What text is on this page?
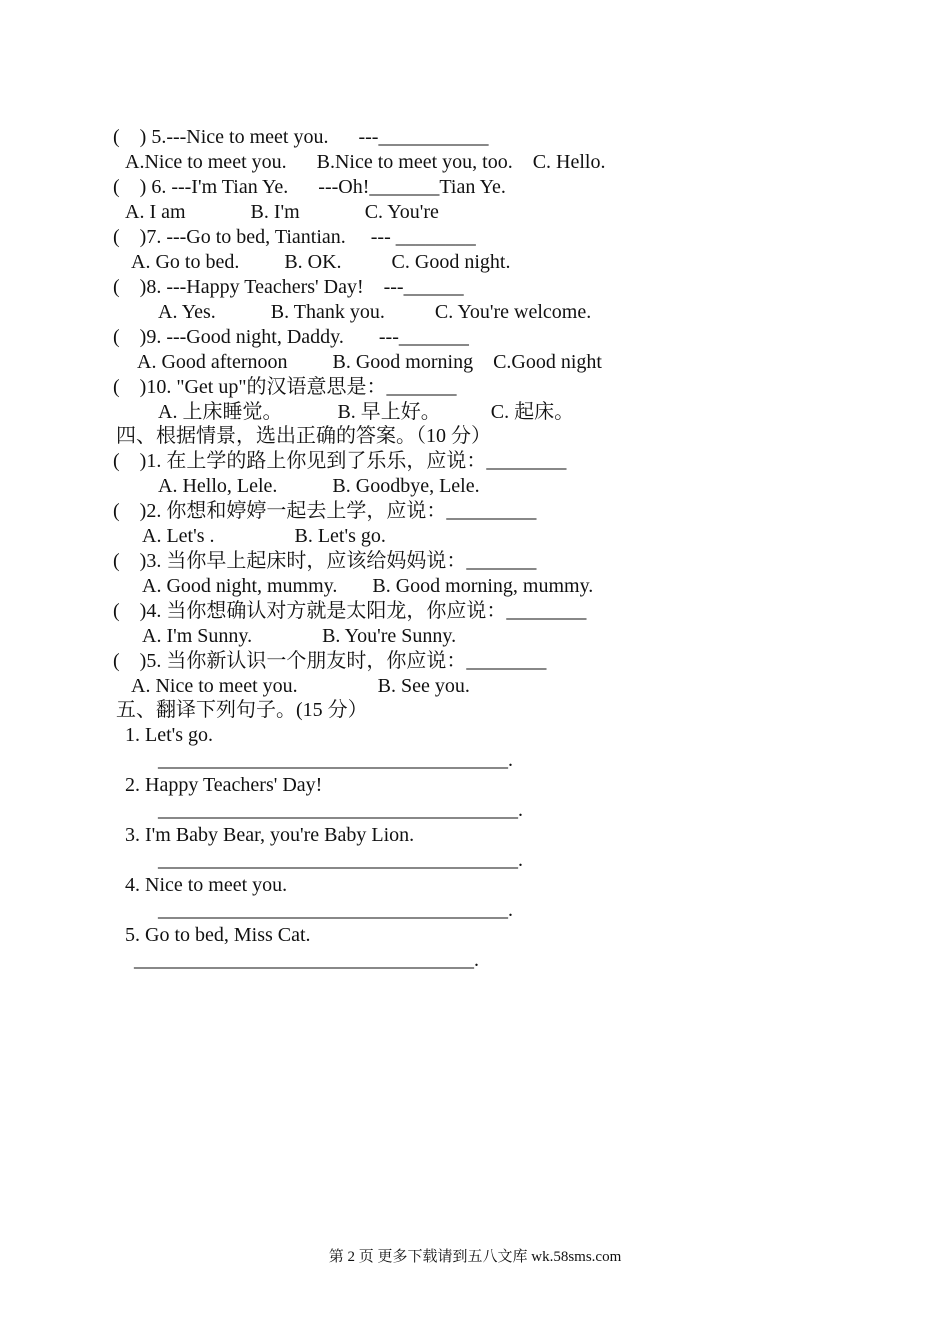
(    ) 5.---Nice to meet you.      ---___________
A.Nice to meet you.      B.Nice to meet you, too.    C. Hello.
(    ) 6. ---I'm Tian Ye.      ---Oh!_______Tian Ye.
A. I am             B. I'm             C. You're
(    )7. ---Go to bed, Tiantian.     --- ________
A. Go to bed.         B. OK.          C. Good night.
(    )8. ---Happy Teachers' Day!    ---______
A. Yes.           B. Thank you.          C. You're welcome.
(    )9. ---Good night, Daddy.       ---_______
A. Good afternoon         B. Good morning    C.Good night
(    )10. "Get up"的汉语意思是：_______
A. 上床睡觉。           B. 早上好。          C. 起床。
四、根据情景，选出正确的答案。（10 分）
(    )1. 在上学的路上你见到了乐乐，应说：________
A. Hello, Lele.           B. Goodbye, Lele.
(    )2. 你想和婷婷一起去上学，应说：_________
A. Let's .                B. Let's go.
(    )3. 当你早上起床时，应该给妈妈说：_______
A. Good night, mummy.       B. Good morning, mummy.
(    )4. 当你想确认对方就是太阳龙，你应说：________
A. I'm Sunny.              B. You're Sunny.
(    )5. 当你新认识一个朋友时，你应说：________
A. Nice to meet you.                B. See you.
五、翻译下列句子。(15 分）
1. Let's go.
___________________________________.
2. Happy Teachers' Day!
____________________________________.
3. I'm Baby Bear, you're Baby Lion.
____________________________________.
4. Nice to meet you.
___________________________________.
5. Go to bed, Miss Cat.
__________________________________.
第 2 页 更多下载请到五八文库 wk.58sms.com
